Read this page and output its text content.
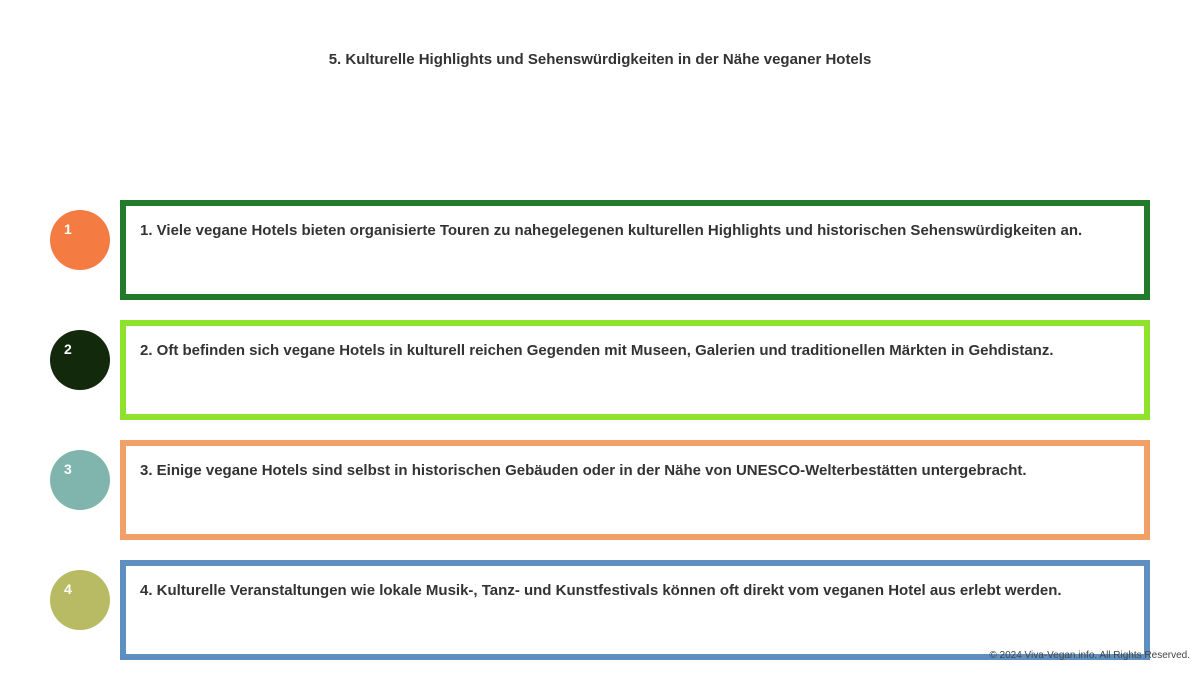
5. Kulturelle Highlights und Sehenswürdigkeiten in der Nähe veganer Hotels
1	1. Viele vegane Hotels bieten organisierte Touren zu nahegelegenen kulturellen Highlights und historischen Sehenswürdigkeiten an.
2	2. Oft befinden sich vegane Hotels in kulturell reichen Gegenden mit Museen, Galerien und traditionellen Märkten in Gehdistanz.
3	3. Einige vegane Hotels sind selbst in historischen Gebäuden oder in der Nähe von UNESCO-Welterbestätten untergebracht.
4	4. Kulturelle Veranstaltungen wie lokale Musik-, Tanz- und Kunstfestivals können oft direkt vom veganen Hotel aus erlebt werden.
© 2024 Viva-Vegan.info. All Rights Reserved.
